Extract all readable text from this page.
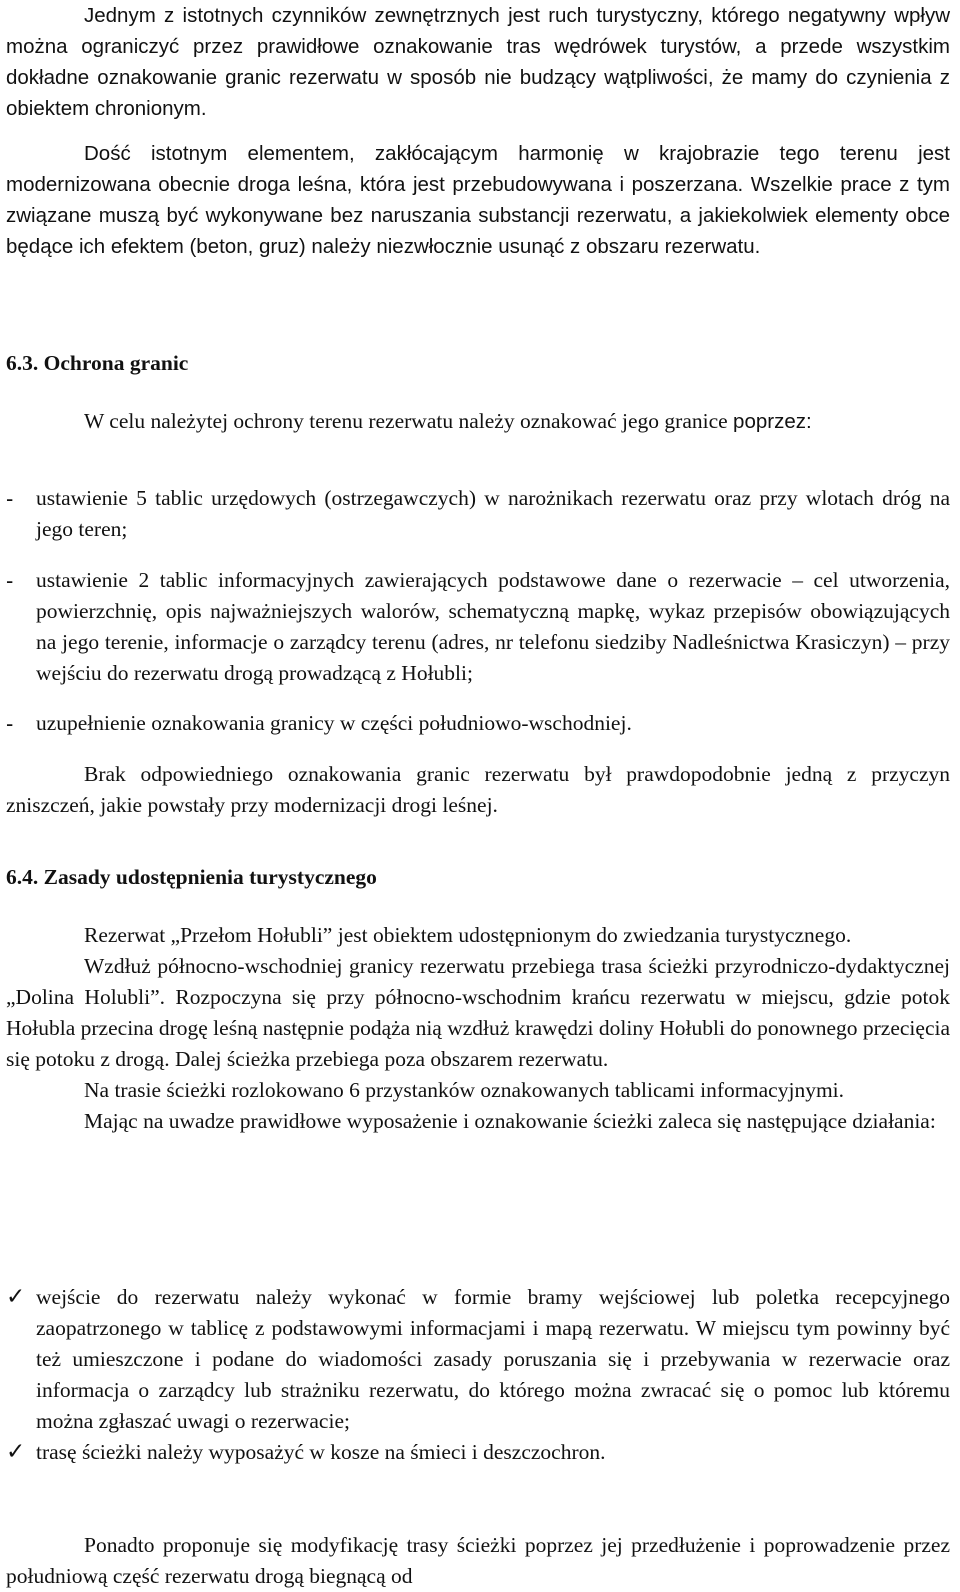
Jednym z istotnych czynników zewnętrznych jest ruch turystyczny, którego negatywny wpływ można ograniczyć przez prawidłowe oznakowanie tras wędrówek turystów, a przede wszystkim dokładne oznakowanie granic rezerwatu w sposób nie budzący wątpliwości, że mamy do czynienia z obiektem chronionym.

Dość istotnym elementem, zakłócającym harmonię w krajobrazie tego terenu jest modernizowana obecnie droga leśna, która jest przebudowywana i poszerzana. Wszelkie prace z tym związane muszą być wykonywane bez naruszania substancji rezerwatu, a jakiekolwiek elementy obce będące ich efektem (beton, gruz) należy niezwłocznie usunąć z obszaru rezerwatu.

6.3. Ochrona granic

W celu należytej ochrony terenu rezerwatu należy oznakować jego granice poprzez:

- ustawienie 5 tablic urzędowych (ostrzegawczych) w narożnikach rezerwatu oraz przy wlotach dróg na jego teren;
- ustawienie 2 tablic informacyjnych zawierających podstawowe dane o rezerwacie – cel utworzenia, powierzchnię, opis najważniejszych walorów, schematyczną mapkę, wykaz przepisów obowiązujących na jego terenie, informacje o zarządcy terenu (adres, nr telefonu siedziby Nadleśnictwa Krasiczyn) – przy wejściu do rezerwatu drogą prowadzącą z Hołubli;
- uzupełnienie oznakowania granicy w części południowo-wschodniej.

Brak odpowiedniego oznakowania granic rezerwatu był prawdopodobnie jedną z przyczyn zniszczeń, jakie powstały przy modernizacji drogi leśnej.

6.4. Zasady udostępnienia turystycznego

Rezerwat „Przełom Hołubli” jest obiektem udostępnionym do zwiedzania turystycznego.

Wzdłuż północno-wschodniej granicy rezerwatu przebiega trasa ścieżki przyrodniczo-dydaktycznej „Dolina Holubli”. Rozpoczyna się przy północno-wschodnim krańcu rezerwatu w miejscu, gdzie potok Hołubla przecina drogę leśną następnie podąża nią wzdłuż krawędzi doliny Hołubli do ponownego przecięcia się potoku z drogą. Dalej ścieżka przebiega poza obszarem rezerwatu.

Na trasie ścieżki rozlokowano 6 przystanków oznakowanych tablicami informacyjnymi.

Mając na uwadze prawidłowe wyposażenie i oznakowanie ścieżki zaleca się następujące działania:

✓ wejście do rezerwatu należy wykonać w formie bramy wejściowej lub poletka recepcyjnego zaopatrzonego w tablicę z podstawowymi informacjami i mapą rezerwatu. W miejscu tym powinny być też umieszczone i podane do wiadomości zasady poruszania się i przebywania w rezerwacie oraz informacja o zarządcy lub strażniku rezerwatu, do którego można zwracać się o pomoc lub któremu można zgłaszać uwagi o rezerwacie;
✓ trasę ścieżki należy wyposażyć w kosze na śmieci i deszczochron.

Ponadto proponuje się modyfikację trasy ścieżki poprzez jej przedłużenie i poprowadzenie przez południową część rezerwatu drogą biegnącą od
